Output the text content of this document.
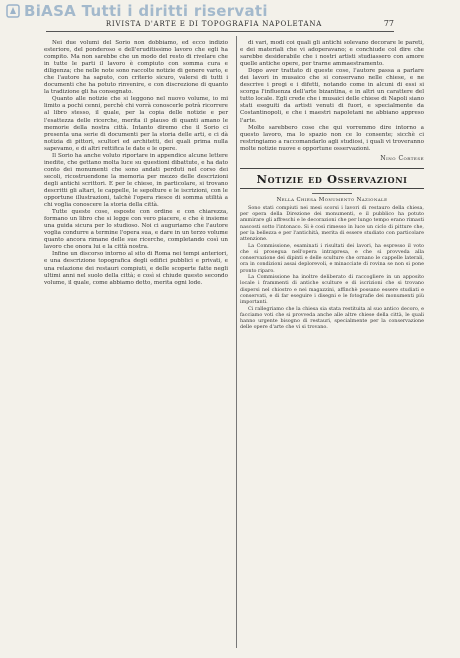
BiASA Tutti i diritti riservati
RIVISTA D'ARTE E DI TOPOGRAFIA NAPOLETANA	77

Nei due volumi del Sorio non dobbiamo, ed ecco indizio esteriore, del ponderoso e dell'eruditissimo lavoro che egli ha compito. Ma non sarebbe che un modo del resto di rivelare che in tutte le parti il lavoro è compiuto con somma cura e diligenza; che nelle note sono raccolte notizie di genere vario, e che l'autore ha saputo, con criterio sicuro, valersi di tutti i documenti che ha potuto rinvenire, e con discrezione di quanto la tradizione gli ha consegnato.

Quanto alle notizie che si leggono nel nuovo volume, io mi limito a pochi cenni, perchè chi vorrà conoscerle potrà ricorrere al libro stesso, il quale, per la copia delle notizie e per l'esattezza delle ricerche, merita il plauso di quanti amano le memorie della nostra città. Intanto diremo che il Sorio ci presenta una serie di documenti per la storia delle arti, e ci dà notizia di pittori, scultori ed architetti, dei quali prima nulla sapevamo, e di altri rettifica le date e le opere.

Il Sorio ha anche voluto riportare in appendice alcune lettere inedite, che gettano molta luce su questioni dibattute, e ha dato conto dei monumenti che sono andati perduti nel corso dei secoli, ricostruendone la memoria per mezzo delle descrizioni degli antichi scrittori. E per le chiese, in particolare, si trovano descritti gli altari, le cappelle, le sepolture e le iscrizioni, con le opportune illustrazioni, talchè l'opera riesce di somma utilità a chi voglia conoscere la storia della città.

Tutte queste cose, esposte con ordine e con chiarezza, formano un libro che si legge con vero piacere, e che è insieme una guida sicura per lo studioso. Noi ci auguriamo che l'autore voglia condurre a termine l'opera sua, e dare in un terzo volume quanto ancora rimane delle sue ricerche, completando così un lavoro che onora lui e la città nostra.

Infine un discorso intorno al sito di Roma nei tempi anteriori, e una descrizione topografica degli edifici pubblici e privati, e una relazione dei restauri compiuti, e delle scoperte fatte negli ultimi anni nel suolo della città; e così si chiude questo secondo volume, il quale, come abbiamo detto, merita ogni lode.

di vari, modi coi quali gli antichi solevano decorare le pareti, e dei materiali che vi adoperavano; e conchiude col dire che sarebbe desiderabile che i nostri artisti studiassero con amore quelle antiche opere, per trarne ammaestramento.

Dopo aver trattato di queste cose, l'autore passa a parlare dei lavori in musaico che si conservano nelle chiese, e ne descrive i pregi e i difetti, notando come in alcuni di essi si scorga l'influenza dell'arte bizantina, e in altri un carattere del tutto locale. Egli crede che i musaici delle chiese di Napoli siano stati eseguiti da artisti venuti di fuori, e specialmente da Costantinopoli, e che i maestri napoletani ne abbiano appreso l'arte.

Molte sarebbero cose che qui vorremmo dire intorno a questo lavoro, ma lo spazio non ce lo consente; sicchè ci restringiamo a raccomandarlo agli studiosi, i quali vi troveranno molte notizie nuove e opportune osservazioni.

Nino Cortese
Notizie ed Osservazioni
Nella Chiesa Monumento Nazionale

Sono stati compiuti nei mesi scorsi i lavori di restauro della chiesa, per opera della Direzione dei monumenti, e il pubblico ha potuto ammirare gli affreschi e le decorazioni che per lungo tempo erano rimasti nascosti sotto l'intonaco. Si è così rimesso in luce un ciclo di pitture che, per la bellezza e per l'antichità, merita di essere studiato con particolare attenzione.

La Commissione, esaminati i risultati dei lavori, ha espresso il voto che si prosegua nell'opera intrapresa, e che si provveda alla conservazione dei dipinti e delle sculture che ornano le cappelle laterali, ora in condizioni assai deplorevoli, e minacciate di rovina se non si pone pronto riparo.

La Commissione ha inoltre deliberato di raccogliere in un apposito locale i frammenti di antiche sculture e di iscrizioni che si trovano dispersi nel chiostro e nei magazzini, affinchè possano essere studiati e conservati, e di far eseguire i disegni e le fotografie dei monumenti più importanti.

Ci rallegriamo che la chiesa sia stata restituita al suo antico decoro, e facciamo voti che si provveda anche alle altre chiese della città, le quali hanno urgente bisogno di restauri, specialmente per la conservazione delle opere d'arte che vi si trovano.
